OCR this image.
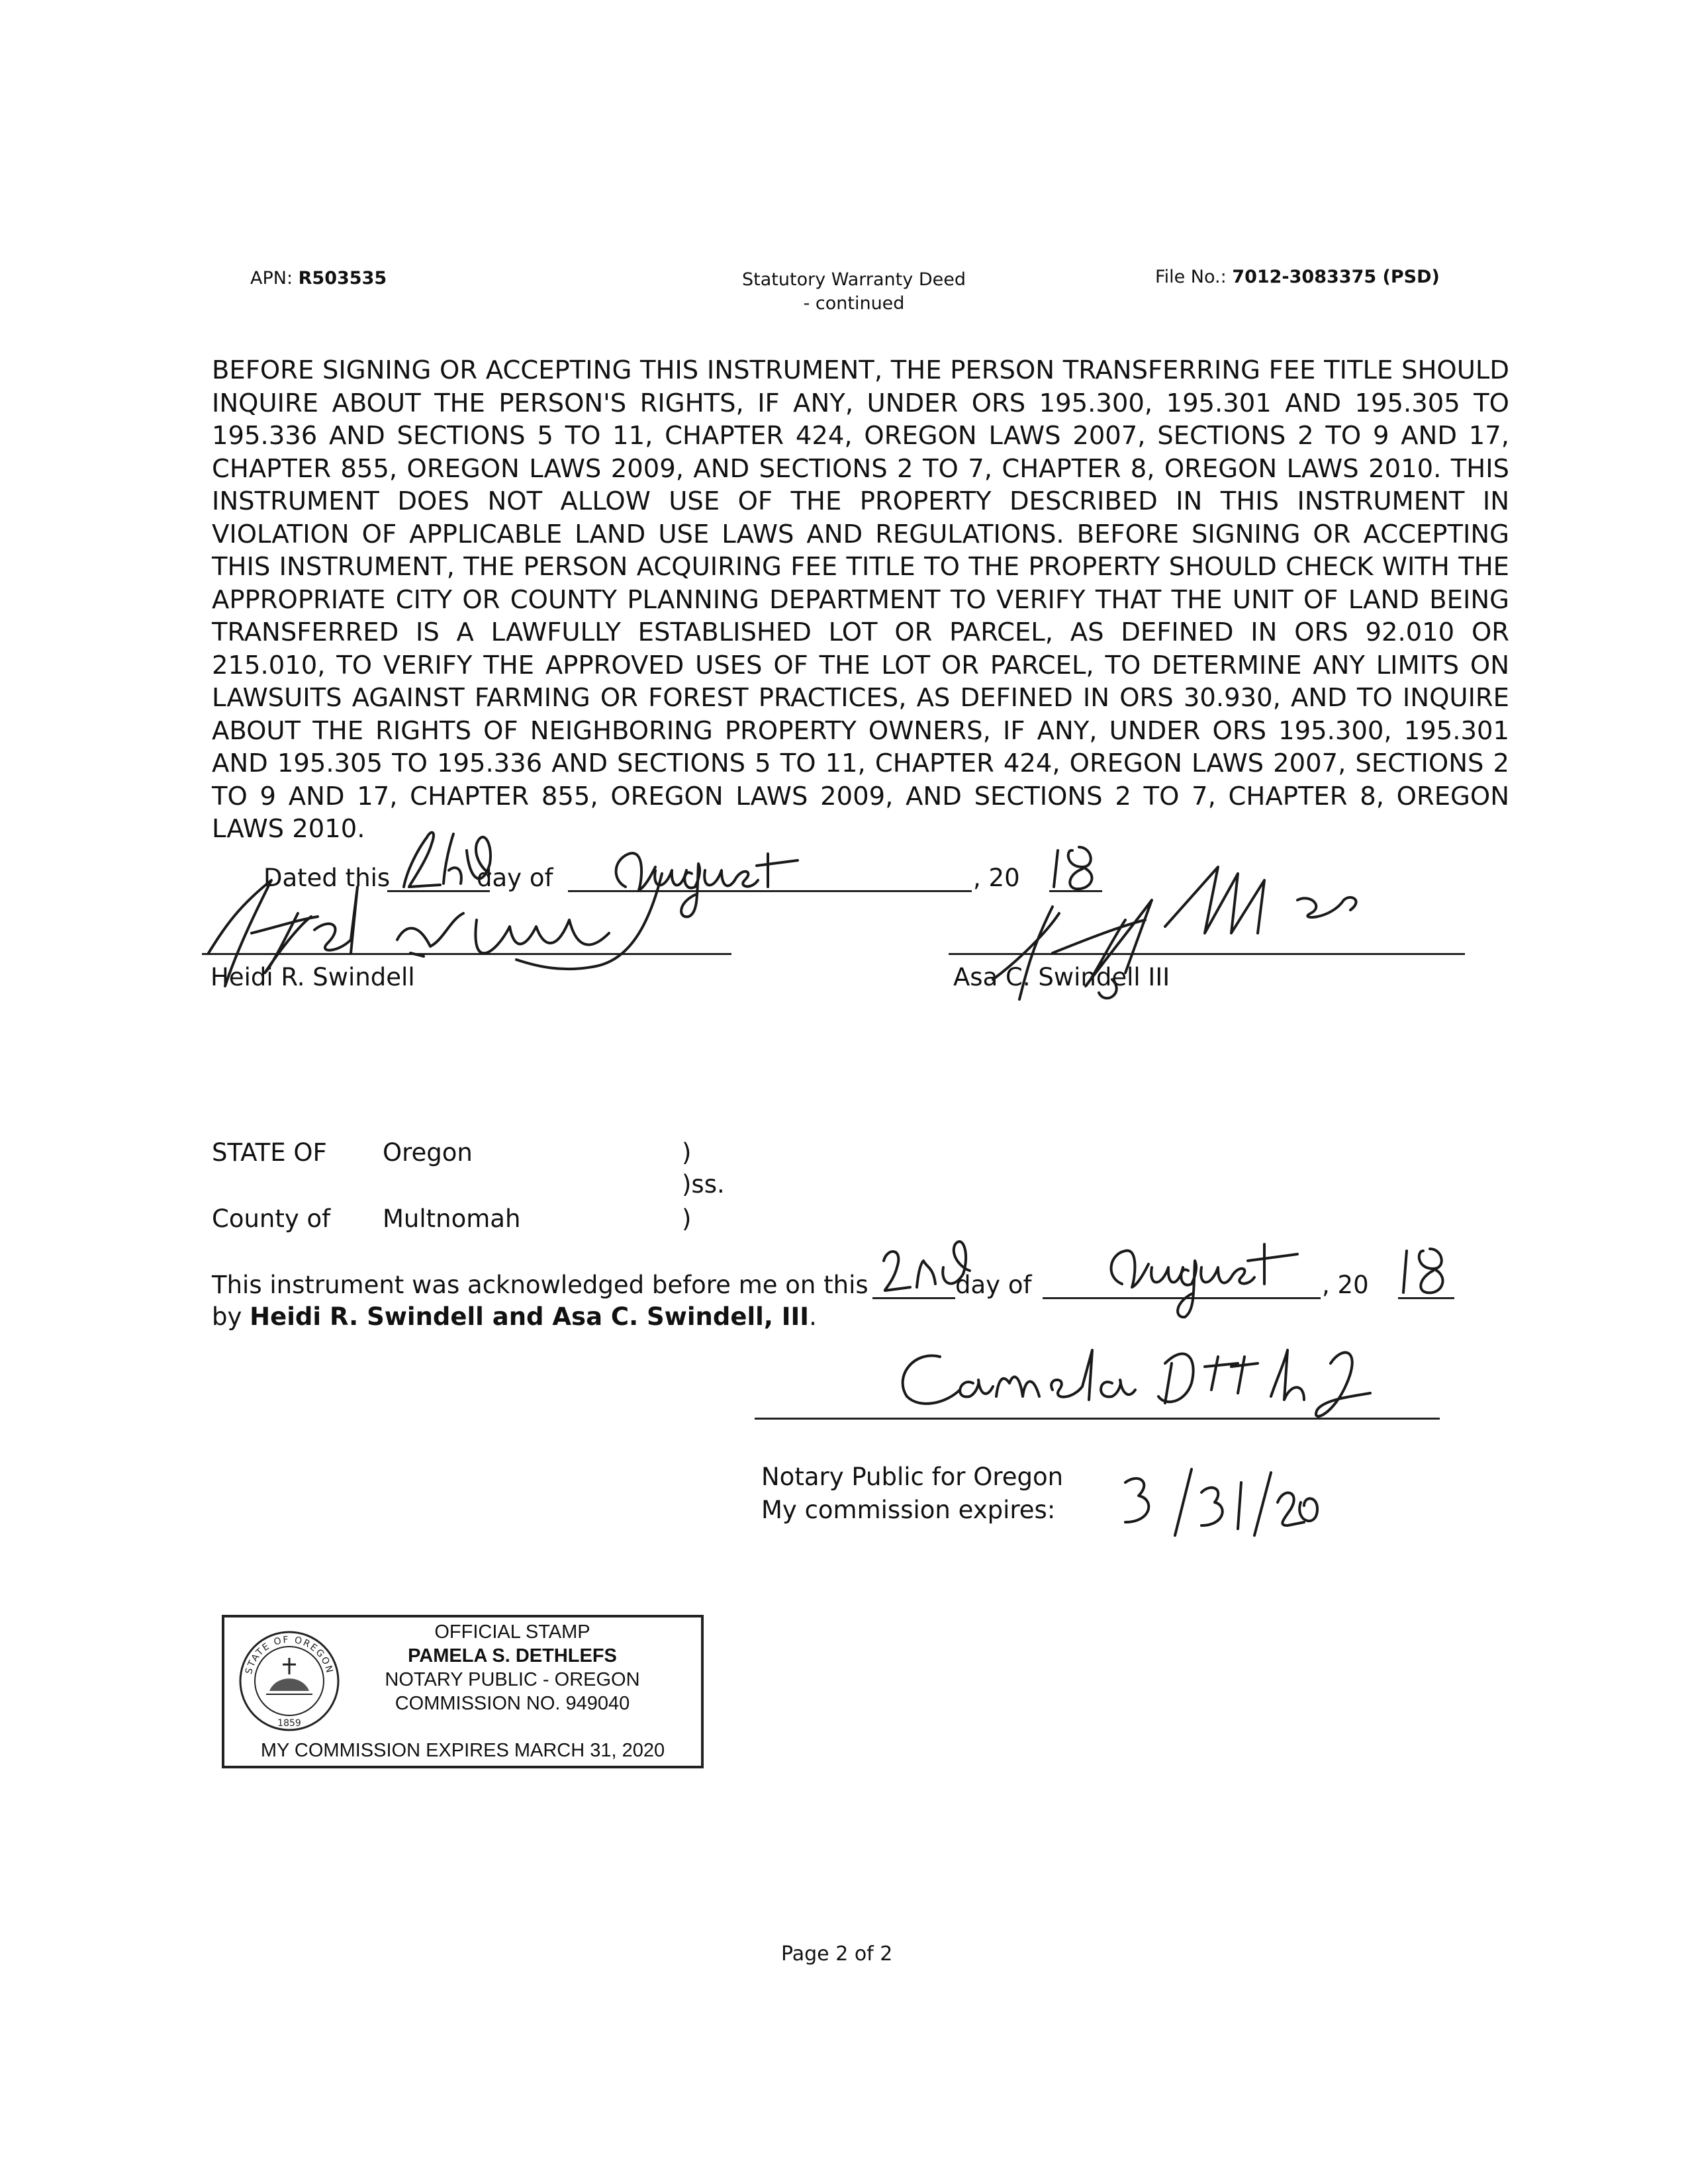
APN: R503535	Statutory Warranty Deed
- continued
File No.: 7012-3083375 (PSD)
BEFORE SIGNING OR ACCEPTING THIS INSTRUMENT, THE PERSON TRANSFERRING FEE TITLE SHOULD INQUIRE ABOUT THE PERSON'S RIGHTS, IF ANY, UNDER ORS 195.300, 195.301 AND 195.305 TO 195.336 AND SECTIONS 5 TO 11, CHAPTER 424, OREGON LAWS 2007, SECTIONS 2 TO 9 AND 17, CHAPTER 855, OREGON LAWS 2009, AND SECTIONS 2 TO 7, CHAPTER 8, OREGON LAWS 2010. THIS INSTRUMENT DOES NOT ALLOW USE OF THE PROPERTY DESCRIBED IN THIS INSTRUMENT IN VIOLATION OF APPLICABLE LAND USE LAWS AND REGULATIONS. BEFORE SIGNING OR ACCEPTING THIS INSTRUMENT, THE PERSON ACQUIRING FEE TITLE TO THE PROPERTY SHOULD CHECK WITH THE APPROPRIATE CITY OR COUNTY PLANNING DEPARTMENT TO VERIFY THAT THE UNIT OF LAND BEING TRANSFERRED IS A LAWFULLY ESTABLISHED LOT OR PARCEL, AS DEFINED IN ORS 92.010 OR 215.010, TO VERIFY THE APPROVED USES OF THE LOT OR PARCEL, TO DETERMINE ANY LIMITS ON LAWSUITS AGAINST FARMING OR FOREST PRACTICES, AS DEFINED IN ORS 30.930, AND TO INQUIRE ABOUT THE RIGHTS OF NEIGHBORING PROPERTY OWNERS, IF ANY, UNDER ORS 195.300, 195.301 AND 195.305 TO 195.336 AND SECTIONS 5 TO 11, CHAPTER 424, OREGON LAWS 2007, SECTIONS 2 TO 9 AND 17, CHAPTER 855, OREGON LAWS 2009, AND SECTIONS 2 TO 7, CHAPTER 8, OREGON LAWS 2010.
Dated this	day of	, 20
Heidi R. Swindell	Asa C. Swindell III
STATE OF Oregon	)
)ss.
County of Multnomah	)
This instrument was acknowledged before me on this	day of	, 20
by Heidi R. Swindell and Asa C. Swindell, III.
Notary Public for Oregon
My commission expires:
STATE OF OREGON
1859
OFFICIAL STAMP
PAMELA S. DETHLEFS
NOTARY PUBLIC - OREGON
COMMISSION NO. 949040
MY COMMISSION EXPIRES MARCH 31, 2020
Page 2 of 2
